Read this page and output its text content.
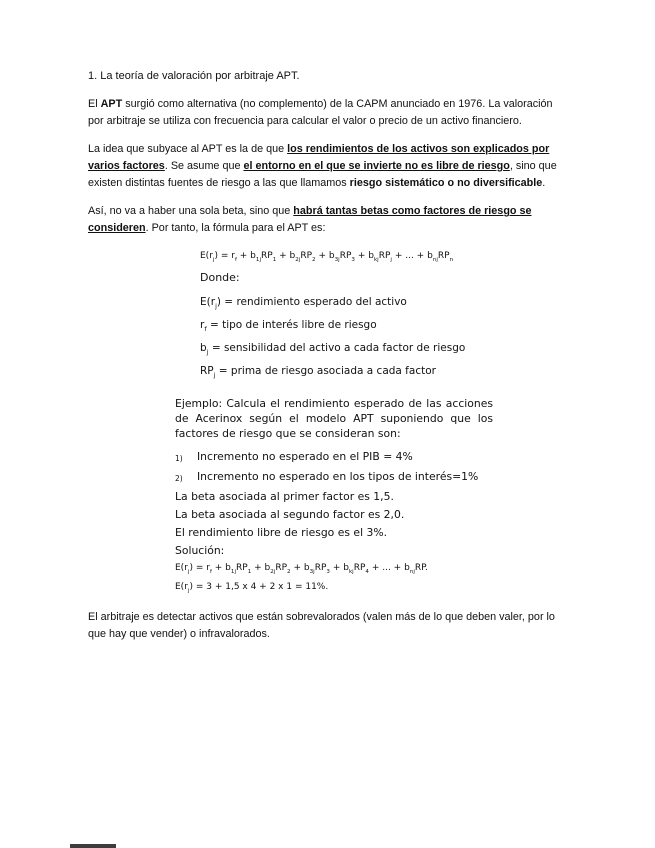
1. La teoría de valoración por arbitraje APT.

El APT surgió como alternativa (no complemento) de la CAPM anunciado en 1976. La valoración por arbitraje se utiliza con frecuencia para calcular el valor o precio de un activo financiero.

La idea que subyace al APT es la de que los rendimientos de los activos son explicados por varios factores. Se asume que el entorno en el que se invierte no es libre de riesgo, sino que existen distintas fuentes de riesgo a las que llamamos riesgo sistemático o no diversificable.

Así, no va a haber una sola beta, sino que habrá tantas betas como factores de riesgo se consideren. Por tanto, la fórmula para el APT es:

$E(r_j) = r_f + b_{1j}RP_1 + b_{2j}RP_2 + b_{3j}RP_3 + b_{kj}RP_j$ + ... + $b_{nj}RP_n$

Donde:

$E(r_j)$ = rendimiento esperado del activo

$r_f$ = tipo de interés libre de riesgo

$b_j$ = sensibilidad del activo a cada factor de riesgo

$RP_j$ = prima de riesgo asociada a cada factor

Ejemplo: Calcula el rendimiento esperado de las acciones de Acerinox según el modelo APT suponiendo que los factores de riesgo que se consideran son:

1)	Incremento no esperado en el PIB = 4%
2)	Incremento no esperado en los tipos de interés=1%

La beta asociada al primer factor es 1,5.

La beta asociada al segundo factor es 2,0.

El rendimiento libre de riesgo es el 3%.

Solución:

$E(r_j) = r_f + b_{1j}RP_1 + b_{2j}RP_2 + b_{3j}RP_3 + b_{kj}RP_4$ + ... + $b_{nj}RP$.

$E(r_j) = 3 + 1,5$ x 4 + 2 x 1 = 11%.

El arbitraje es detectar activos que están sobrevalorados (valen más de lo que deben valer, por lo que hay que vender) o infravalorados.
